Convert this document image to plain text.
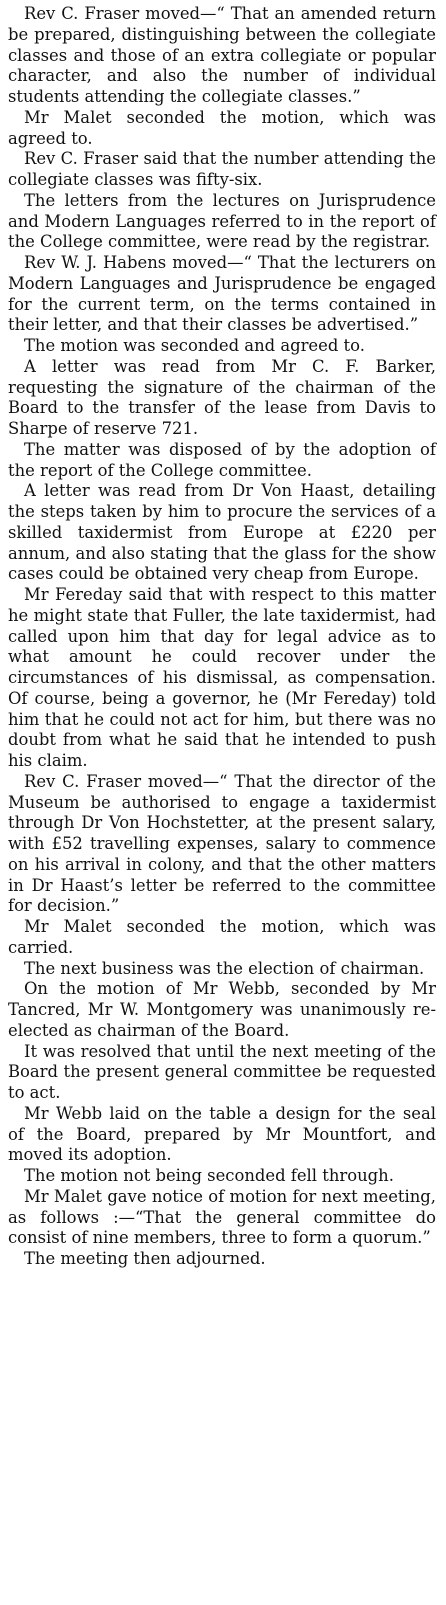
Rev C. Fraser moved—“ That an amended return be prepared, distinguishing between the collegiate classes and those of an extra collegiate or popular character, and also the number of individual students attending the collegiate classes.”

Mr Malet seconded the motion, which was agreed to.

Rev C. Fraser said that the number attending the collegiate classes was fifty-six.

The letters from the lectures on Jurisprudence and Modern Languages referred to in the report of the College committee, were read by the registrar.

Rev W. J. Habens moved—“ That the lecturers on Modern Languages and Jurisprudence be engaged for the current term, on the terms contained in their letter, and that their classes be advertised.”

The motion was seconded and agreed to.

A letter was read from Mr C. F. Barker, requesting the signature of the chairman of the Board to the transfer of the lease from Davis to Sharpe of reserve 721.

The matter was disposed of by the adoption of the report of the College committee.

A letter was read from Dr Von Haast, detailing the steps taken by him to procure the services of a skilled taxidermist from Europe at £220 per annum, and also stating that the glass for the show cases could be obtained very cheap from Europe.

Mr Fereday said that with respect to this matter he might state that Fuller, the late taxidermist, had called upon him that day for legal advice as to what amount he could recover under the circumstances of his dismissal, as compensation. Of course, being a governor, he (Mr Fereday) told him that he could not act for him, but there was no doubt from what he said that he intended to push his claim.

Rev C. Fraser moved—“ That the director of the Museum be authorised to engage a taxidermist through Dr Von Hochstetter, at the present salary, with £52 travelling expenses, salary to commence on his arrival in colony, and that the other matters in Dr Haast’s letter be referred to the committee for decision.”

Mr Malet seconded the motion, which was carried.

The next business was the election of chairman.

On the motion of Mr Webb, seconded by Mr Tancred, Mr W. Montgomery was unanimously re-elected as chairman of the Board.

It was resolved that until the next meeting of the Board the present general committee be requested to act.

Mr Webb laid on the table a design for the seal of the Board, prepared by Mr Mountfort, and moved its adoption.

The motion not being seconded fell through.

Mr Malet gave notice of motion for next meeting, as follows :—“That the general committee do consist of nine members, three to form a quorum.”

The meeting then adjourned.
